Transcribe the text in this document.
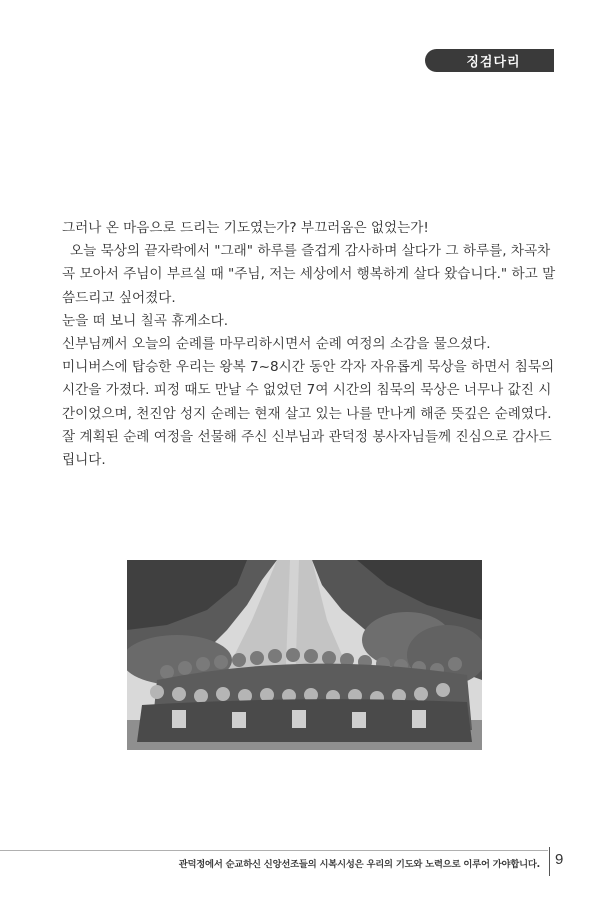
징검다리

그러나 온 마음으로 드리는 기도였는가? 부끄러움은 없었는가!

오늘 묵상의 끝자락에서 "그래" 하루를 즐겁게 감사하며 살다가 그 하루를, 차곡차

곡 모아서 주님이 부르실 때 "주님, 저는 세상에서 행복하게 살다 왔습니다." 하고 말

씀드리고 싶어졌다.

눈을 떠 보니 칠곡 휴게소다.

신부님께서 오늘의 순례를 마무리하시면서 순례 여정의 소감을 물으셨다.

미니버스에 탑승한 우리는 왕복 7~8시간 동안 각자 자유롭게 묵상을 하면서 침묵의

시간을 가졌다. 피정 때도 만날 수 없었던 7여 시간의 침묵의 묵상은 너무나 값진 시

간이었으며, 천진암 성지 순례는 현재 살고 있는 나를 만나게 해준 뜻깊은 순례였다.

잘 계획된 순례 여정을 선물해 주신 신부님과 관덕정 봉사자님들께 진심으로 감사드

립니다.

관덕정에서 순교하신 신앙선조들의 시복시성은 우리의 기도와 노력으로 이루어 가야합니다. 9
